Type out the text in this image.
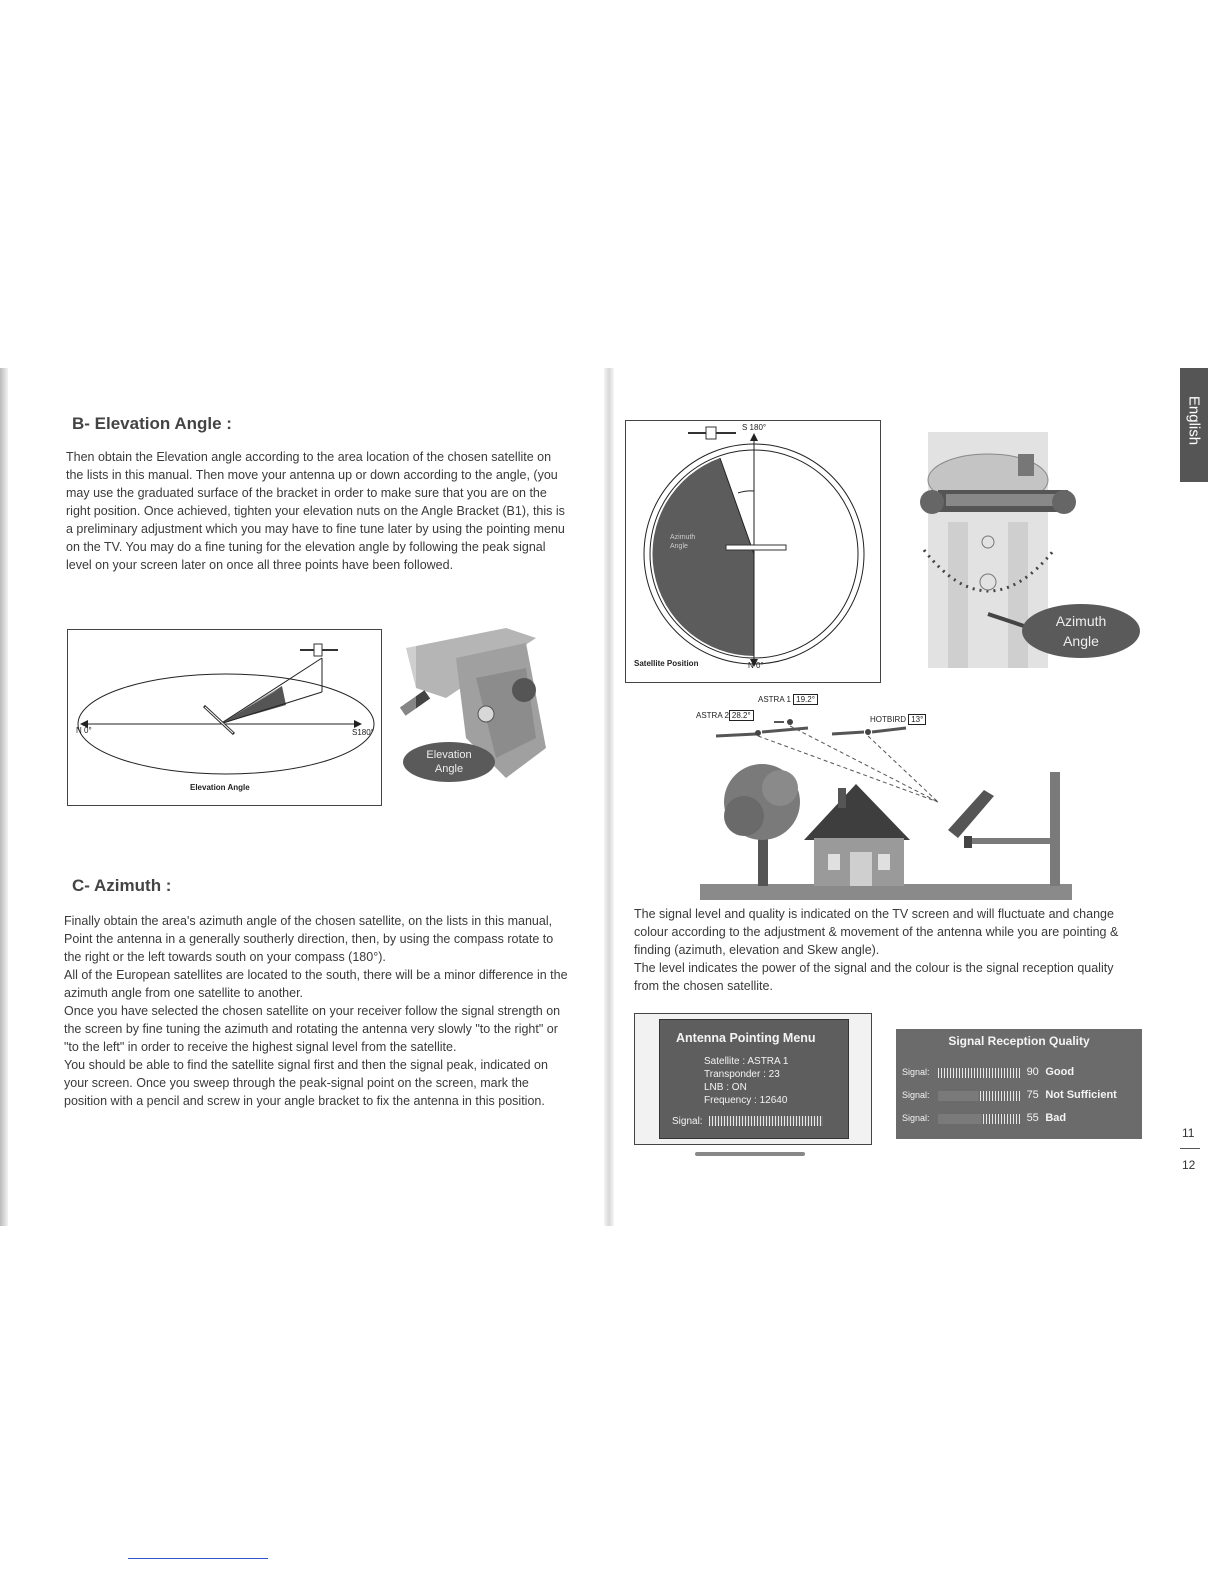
B- Elevation Angle :

Then obtain the Elevation angle according to the area location of the chosen satellite on

the lists in this manual. Then move your antenna up or down according to the angle, (you

may use the graduated surface of the bracket in order to make sure that you are on the

right position. Once achieved, tighten your elevation nuts on the Angle Bracket (B1), this is

a preliminary adjustment which you may have to fine tune later by using the pointing menu

on the TV. You may do a fine tuning for the elevation angle by following the peak signal

level on your screen later on once all three points have been followed.

N 0°	S180°
Elevation Angle
Elevation
Angle
C- Azimuth :

Finally obtain the area's azimuth angle of the chosen satellite, on the lists in this manual,

Point the antenna in a generally southerly direction, then, by using the compass rotate to

the right or the left towards south on your compass (180°).

All of the European satellites are located to the south, there will be a minor difference in the

azimuth angle from one satellite to another.

Once you have selected the chosen satellite on your receiver follow the signal strength on

the screen by fine tuning the azimuth and rotating the antenna very slowly "to the right" or

"to the left" in order to receive the highest signal level from the satellite.

You should be able to find the satellite signal first and then the signal peak, indicated on

your screen. Once you sweep through the peak-signal point on the screen, mark the

position with a pencil and screw in your angle bracket to fix the antenna in this position.

English
S 180°
N 0°
Azimuth
Angle
Satellite Position
Azimuth
Angle
ASTRA 1 19.2°
ASTRA 2 28.2°	HOTBIRD 13°

The signal level and quality is indicated on the TV screen and will fluctuate and change

colour according to the adjustment & movement of the antenna while you are pointing &

finding (azimuth, elevation and Skew angle).

The level indicates the power of the signal and the colour is the signal reception quality

from the chosen satellite.

Antenna Pointing Menu
Satellite : ASTRA 1
Transponder : 23
LNB : ON
Frequency : 12640
Signal:
Signal Reception Quality
Signal:	90 Good
Signal:	75 Not Sufficient
Signal:	55 Bad
11
12
